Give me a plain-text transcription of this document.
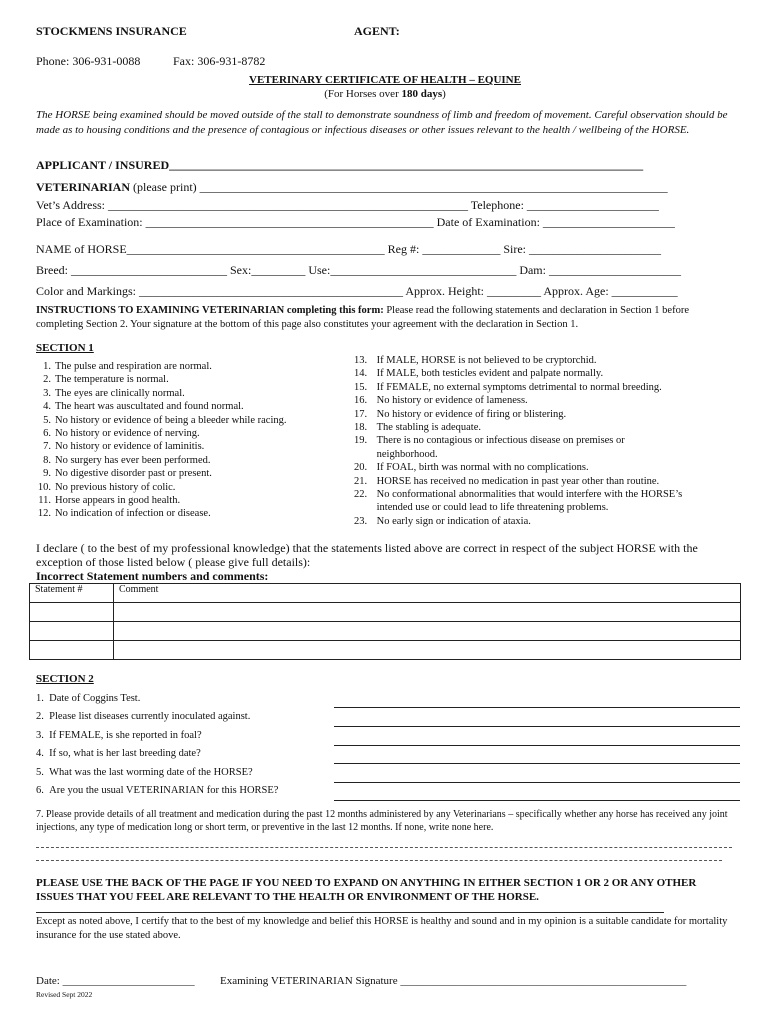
STOCKMENS INSURANCE	AGENT:
Phone: 306-931-0088	Fax: 306-931-8782
VETERINARY CERTIFICATE OF HEALTH – EQUINE
(For Horses over 180 days)
The HORSE being examined should be moved outside of the stall to demonstrate soundness of limb and freedom of movement. Careful observation should be made as to housing conditions and the presence of contagious or infectious diseases or other issues relevant to the health / wellbeing of the HORSE.
APPLICANT / INSURED_______________________________________________________________________________
VETERINARIAN (please print) ______________________________________________________________________________
Vet’s Address: ____________________________________________________________ Telephone: ______________________
Place of Examination: ________________________________________________ Date of Examination: ______________________
NAME of HORSE___________________________________________ Reg #: _____________ Sire: ______________________
Breed: __________________________ Sex:_________ Use:_______________________________ Dam: ______________________
Color and Markings: ____________________________________________ Approx. Height: _________ Approx. Age: ___________
INSTRUCTIONS TO EXAMINING VETERINARIAN completing this form: Please read the following statements and declaration in Section 1 before completing Section 2. Your signature at the bottom of this page also constitutes your agreement with the declaration in Section 1.
SECTION 1
1. The pulse and respiration are normal.
2. The temperature is normal.
3. The eyes are clinically normal.
4. The heart was auscultated and found normal.
5. No history or evidence of being a bleeder while racing.
6. No history or evidence of nerving.
7. No history or evidence of laminitis.
8. No surgery has ever been performed.
9. No digestive disorder past or present.
10. No previous history of colic.
11. Horse appears in good health.
12. No indication of infection or disease.
13. If MALE, HORSE is not believed to be cryptorchid.
14. If MALE, both testicles evident and palpate normally.
15. If FEMALE, no external symptoms detrimental to normal breeding.
16. No history or evidence of lameness.
17. No history or evidence of firing or blistering.
18. The stabling is adequate.
19. There is no contagious or infectious disease on premises or neighborhood.
20. If FOAL, birth was normal with no complications.
21. HORSE has received no medication in past year other than routine.
22. No conformational abnormalities that would interfere with the HORSE’s intended use or could lead to life threatening problems.
23. No early sign or indication of ataxia.
I declare ( to the best of my professional knowledge) that the statements listed above are correct in respect of the subject HORSE with the exception of those listed below ( please give full details):
Incorrect Statement numbers and comments:
Statement #	Comment

SECTION 2
1. Date of Coggins Test.
2. Please list diseases currently inoculated against.
3. If FEMALE, is she reported in foal?
4. If so, what is her last breeding date?
5. What was the last worming date of the HORSE?
6. Are you the usual VETERINARIAN for this HORSE?
7. Please provide details of all treatment and medication during the past 12 months administered by any Veterinarians – specifically whether any horse has received any joint injections, any type of medication long or short term, or preventive in the last 12 months. If none, write none here.
PLEASE USE THE BACK OF THE PAGE IF YOU NEED TO EXPAND ON ANYTHING IN EITHER SECTION 1 OR 2 OR ANY OTHER ISSUES THAT YOU FEEL ARE RELEVANT TO THE HEALTH OR ENVIRONMENT OF THE HORSE.
Except as noted above, I certify that to the best of my knowledge and belief this HORSE is healthy and sound and in my opinion is a suitable candidate for mortality insurance for the use stated above.
Date: ________________________ Examining VETERINARIAN Signature ____________________________________________________
Revised Sept 2022
